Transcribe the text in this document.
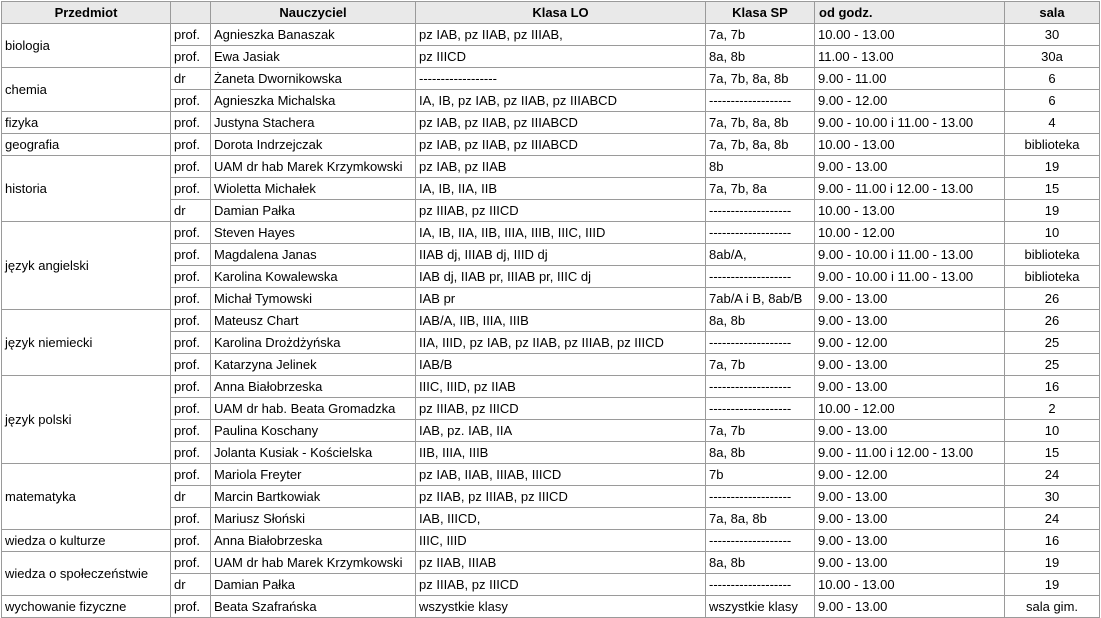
Przedmiot		Nauczyciel	Klasa LO	Klasa SP	od godz.	sala
biologia	prof.	Agnieszka Banaszak	pz IAB, pz IIAB, pz IIIAB,	7a, 7b	10.00 - 13.00	30
	prof.	Ewa Jasiak	pz IIICD	8a, 8b	11.00 - 13.00	30a
chemia	dr	Żaneta Dwornikowska	------------------	7a, 7b, 8a, 8b	9.00 - 11.00	6
	prof.	Agnieszka Michalska	IA, IB, pz IAB, pz IIAB, pz IIIABCD	-------------------	9.00 - 12.00	6
fizyka	prof.	Justyna Stachera	pz IAB, pz IIAB, pz IIIABCD	7a, 7b, 8a, 8b	9.00 - 10.00 i 11.00 - 13.00	4
geografia	prof.	Dorota Indrzejczak	pz IAB, pz IIAB, pz IIIABCD	7a, 7b, 8a, 8b	10.00 - 13.00	biblioteka
historia	prof.	UAM dr hab Marek Krzymkowski	pz IAB, pz IIAB	8b	9.00 - 13.00	19
	prof.	Wioletta Michałek	IA, IB, IIA, IIB	7a, 7b, 8a	9.00 - 11.00 i 12.00 - 13.00	15
	dr	Damian Pałka	pz IIIAB, pz IIICD	-------------------	10.00 - 13.00	19
język angielski	prof.	Steven Hayes	IA, IB, IIA, IIB, IIIA, IIIB, IIIC, IIID	-------------------	10.00 - 12.00	10
	prof.	Magdalena Janas	IIAB dj, IIIAB dj, IIID dj	8ab/A,	9.00 - 10.00 i 11.00 - 13.00	biblioteka
	prof.	Karolina Kowalewska	IAB dj, IIAB pr, IIIAB pr, IIIC dj	-------------------	9.00 - 10.00 i 11.00 - 13.00	biblioteka
	prof.	Michał Tymowski	IAB pr	7ab/A i B, 8ab/B	9.00 - 13.00	26
język niemiecki	prof.	Mateusz Chart	IAB/A, IIB, IIIA, IIIB	8a, 8b	9.00 - 13.00	26
	prof.	Karolina Drożdżyńska	IIA, IIID, pz IAB, pz IIAB, pz IIIAB, pz IIICD	-------------------	9.00 - 12.00	25
	prof.	Katarzyna Jelinek	IAB/B	7a, 7b	9.00 - 13.00	25
język polski	prof.	Anna Białobrzeska	IIIC, IIID, pz IIAB	-------------------	9.00 - 13.00	16
	prof.	UAM dr hab. Beata Gromadzka	pz IIIAB, pz IIICD	-------------------	10.00 - 12.00	2
	prof.	Paulina Koschany	IAB, pz. IAB, IIA	7a, 7b	9.00 - 13.00	10
	prof.	Jolanta Kusiak - Kościelska	IIB, IIIA, IIIB	8a, 8b	9.00 - 11.00 i 12.00 - 13.00	15
matematyka	prof.	Mariola Freyter	pz IAB, IIAB, IIIAB, IIICD	7b	9.00 - 12.00	24
	dr	Marcin Bartkowiak	pz IIAB, pz IIIAB, pz IIICD	-------------------	9.00 - 13.00	30
	prof.	Mariusz Słoński	IAB, IIICD,	7a, 8a, 8b	9.00 - 13.00	24
wiedza o kulturze	prof.	Anna Białobrzeska	IIIC, IIID	-------------------	9.00 - 13.00	16
wiedza o społeczeństwie	prof.	UAM dr hab Marek Krzymkowski	pz IIAB, IIIAB	8a, 8b	9.00 - 13.00	19
	dr	Damian Pałka	pz IIIAB, pz IIICD	-------------------	10.00 - 13.00	19
wychowanie fizyczne	prof.	Beata Szafrańska	wszystkie klasy	wszystkie klasy	9.00 - 13.00	sala gim.
